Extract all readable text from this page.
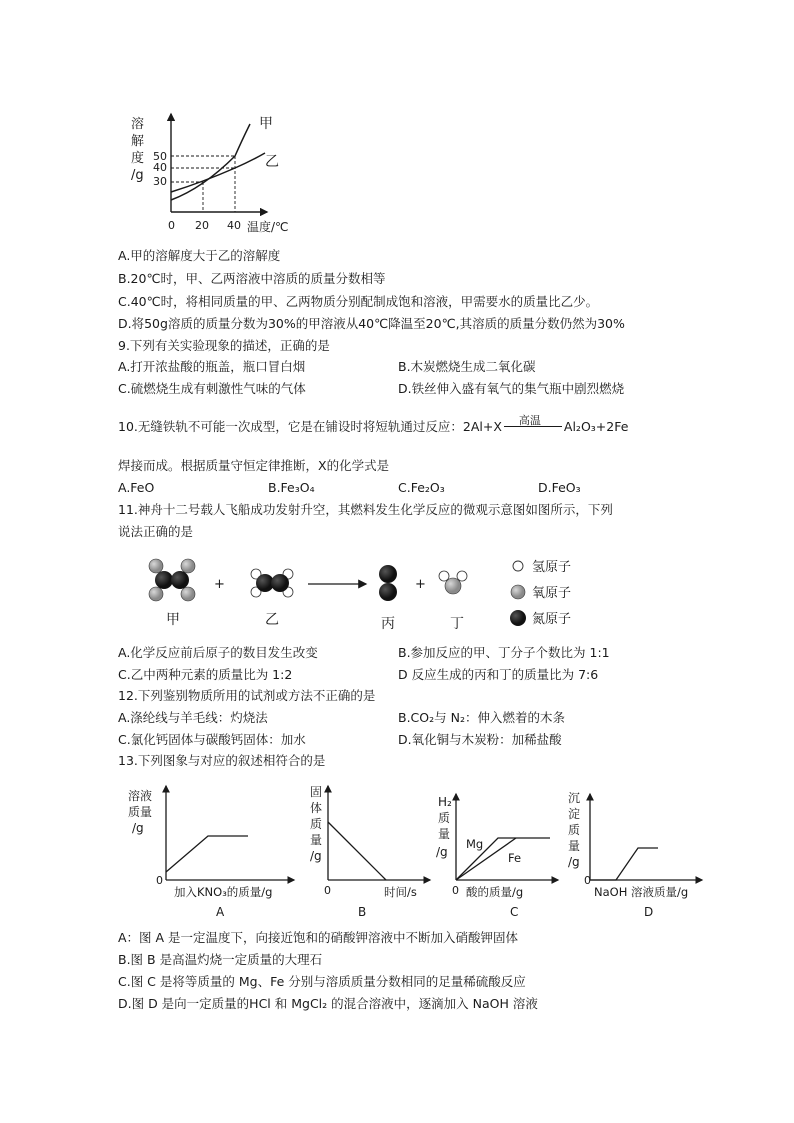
溶
解
度
/g
50
40
30
0 20 40 温度/℃
甲
乙
A.甲的溶解度大于乙的溶解度
B.20℃时，甲、乙两溶液中溶质的质量分数相等
C.40℃时，将相同质量的甲、乙两物质分别配制成饱和溶液，甲需要水的质量比乙少。
D.将50g溶质的质量分数为30%的甲溶液从40℃降温至20℃,其溶质的质量分数仍然为30%
9.下列有关实验现象的描述，正确的是
A.打开浓盐酸的瓶盖，瓶口冒白烟	B.木炭燃烧生成二氧化碳
C.硫燃烧生成有刺激性气味的气体	D.铁丝伸入盛有氧气的集气瓶中剧烈燃烧
10.无缝铁轨不可能一次成型，它是在铺设时将短轨通过反应：2Al+X 高温 Al₂O₃+2Fe
焊接而成。根据质量守恒定律推断，X的化学式是
A.FeO	B.Fe₃O₄	C.Fe₂O₃	D.FeO₃
11.神舟十二号载人飞船成功发射升空，其燃料发生化学反应的微观示意图如图所示，下列
说法正确的是
甲
+
乙	丙
+
丁
氢原子
氧原子
氮原子
A.化学反应前后原子的数目发生改变	B.参加反应的甲、丁分子个数比为 1:1
C.乙中两种元素的质量比为 1:2	D 反应生成的丙和丁的质量比为 7:6
12.下列鉴别物质所用的试剂或方法不正确的是
A.涤纶线与羊毛线：灼烧法	B.CO₂与 N₂：伸入燃着的木条
C.氯化钙固体与碳酸钙固体：加水	D.氧化铜与木炭粉：加稀盐酸
13.下列图象与对应的叙述相符合的是
溶液
质量
/g
0
加入KNO₃的质量/g
A
固
体
质
量
/g
0	时间/s
B
H₂
质
量
/g
0
Mg
Fe
酸的质量/g
C
沉
淀
质
量
/g
0
NaOH 溶液质量/g
D
A：图 A 是一定温度下，向接近饱和的硝酸钾溶液中不断加入硝酸钾固体
B.图 B 是高温灼烧一定质量的大理石
C.图 C 是将等质量的 Mg、Fe 分别与溶质质量分数相同的足量稀硫酸反应
D.图 D 是向一定质量的HCl 和 MgCl₂ 的混合溶液中，逐滴加入 NaOH 溶液
